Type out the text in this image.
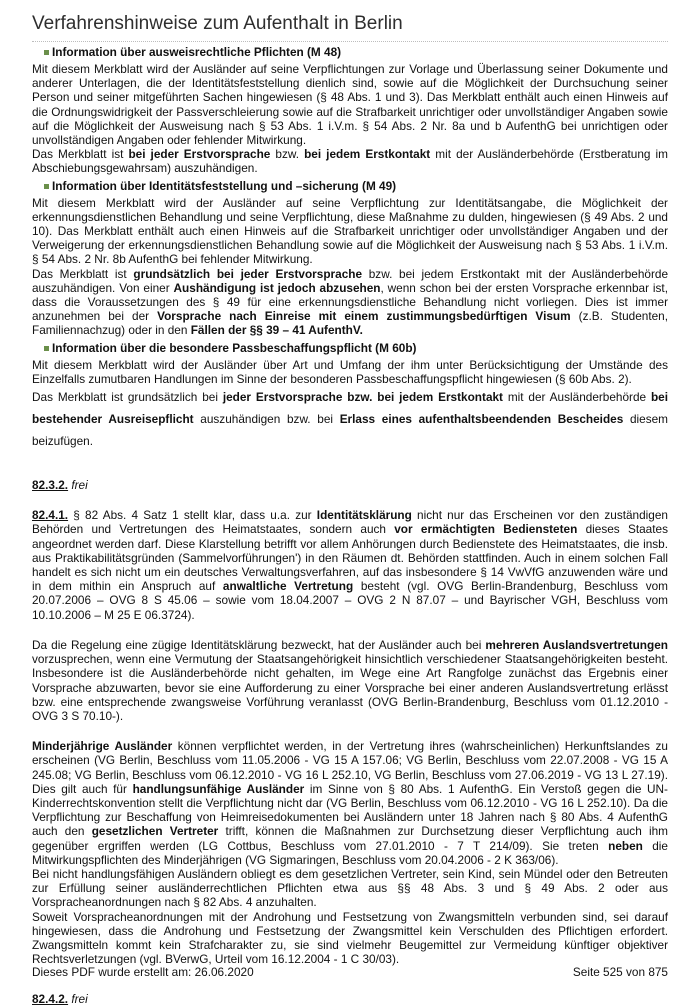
Verfahrenshinweise zum Aufenthalt in Berlin
Information über ausweisrechtliche Pflichten (M 48)

Mit diesem Merkblatt wird der Ausländer auf seine Verpflichtungen zur Vorlage und Überlassung seiner Dokumente und anderer Unterlagen, die der Identitätsfeststellung dienlich sind, sowie auf die Möglichkeit der Durchsuchung seiner Person und seiner mitgeführten Sachen hingewiesen (§ 48 Abs. 1 und 3). Das Merkblatt enthält auch einen Hinweis auf die Ordnungswidrigkeit der Passverschleierung sowie auf die Strafbarkeit unrichtiger oder unvollständiger Angaben sowie auf die Möglichkeit der Ausweisung nach § 53 Abs. 1 i.V.m. § 54 Abs. 2 Nr. 8a und b AufenthG bei unrichtigen oder unvollständigen Angaben oder fehlender Mitwirkung.

Das Merkblatt ist bei jeder Erstvorsprache bzw. bei jedem Erstkontakt mit der Ausländerbehörde (Erstberatung im Abschiebungsgewahrsam) auszuhändigen.

Information über Identitätsfeststellung und –sicherung (M 49)

Mit diesem Merkblatt wird der Ausländer auf seine Verpflichtung zur Identitätsangabe, die Möglichkeit der erkennungsdienstlichen Behandlung und seine Verpflichtung, diese Maßnahme zu dulden, hingewiesen (§ 49 Abs. 2 und 10). Das Merkblatt enthält auch einen Hinweis auf die Strafbarkeit unrichtiger oder unvollständiger Angaben und der Verweigerung der erkennungsdienstlichen Behandlung sowie auf die Möglichkeit der Ausweisung nach § 53 Abs. 1 i.V.m. § 54 Abs. 2 Nr. 8b AufenthG bei fehlender Mitwirkung.

Das Merkblatt ist grundsätzlich bei jeder Erstvorsprache bzw. bei jedem Erstkontakt mit der Ausländerbehörde auszuhändigen. Von einer Aushändigung ist jedoch abzusehen, wenn schon bei der ersten Vorsprache erkennbar ist, dass die Voraussetzungen des § 49 für eine erkennungsdienstliche Behandlung nicht vorliegen. Dies ist immer anzunehmen bei der Vorsprache nach Einreise mit einem zustimmungsbedürftigen Visum (z.B. Studenten, Familiennachzug) oder in den Fällen der §§ 39 – 41 AufenthV.

Information über die besondere Passbeschaffungspflicht (M 60b)

Mit diesem Merkblatt wird der Ausländer über Art und Umfang der ihm unter Berücksichtigung der Umstände des Einzelfalls zumutbaren Handlungen im Sinne der besonderen Passbeschaffungspflicht hingewiesen (§ 60b Abs. 2).

Das Merkblatt ist grundsätzlich bei jeder Erstvorsprache bzw. bei jedem Erstkontakt mit der Ausländerbehörde bei bestehender Ausreisepflicht auszuhändigen bzw. bei Erlass eines aufenthaltsbeendenden Bescheides diesem beizufügen.

82.3.2. frei

82.4.1. § 82 Abs. 4 Satz 1 stellt klar, dass u.a. zur Identitätsklärung nicht nur das Erscheinen vor den zuständigen Behörden und Vertretungen des Heimatstaates, sondern auch vor ermächtigten Bediensteten dieses Staates angeordnet werden darf. Diese Klarstellung betrifft vor allem Anhörungen durch Bedienstete des Heimatstaates, die insb. aus Praktikabilitätsgründen (Sammelvorführungen') in den Räumen dt. Behörden stattfinden. Auch in einem solchen Fall handelt es sich nicht um ein deutsches Verwaltungsverfahren, auf das insbesondere § 14 VwVfG anzuwenden wäre und in dem mithin ein Anspruch auf anwaltliche Vertretung besteht (vgl. OVG Berlin-Brandenburg, Beschluss vom 20.07.2006 – OVG 8 S 45.06 – sowie vom 18.04.2007 – OVG 2 N 87.07 – und Bayrischer VGH, Beschluss vom 10.10.2006 – M 25 E 06.3724).

Da die Regelung eine zügige Identitätsklärung bezweckt, hat der Ausländer auch bei mehreren Auslandsvertretungen vorzusprechen, wenn eine Vermutung der Staatsangehörigkeit hinsichtlich verschiedener Staatsangehörigkeiten besteht. Insbesondere ist die Ausländerbehörde nicht gehalten, im Wege eine Art Rangfolge zunächst das Ergebnis einer Vorsprache abzuwarten, bevor sie eine Aufforderung zu einer Vorsprache bei einer anderen Auslandsvertretung erlässt bzw. eine entsprechende zwangsweise Vorführung veranlasst (OVG Berlin-Brandenburg, Beschluss vom 01.12.2010 - OVG 3 S 70.10-).

Minderjährige Ausländer können verpflichtet werden, in der Vertretung ihres (wahrscheinlichen) Herkunftslandes zu erscheinen (VG Berlin, Beschluss vom 11.05.2006 - VG 15 A 157.06; VG Berlin, Beschluss vom 22.07.2008 - VG 15 A 245.08; VG Berlin, Beschluss vom 06.12.2010 - VG 16 L 252.10, VG Berlin, Beschluss vom 27.06.2019 - VG 13 L 27.19). Dies gilt auch für handlungsunfähige Ausländer im Sinne von § 80 Abs. 1 AufenthG. Ein Verstoß gegen die UN-Kinderrechtskonvention stellt die Verpflichtung nicht dar (VG Berlin, Beschluss vom 06.12.2010 - VG 16 L 252.10). Da die Verpflichtung zur Beschaffung von Heimreisedokumenten bei Ausländern unter 18 Jahren nach § 80 Abs. 4 AufenthG auch den gesetzlichen Vertreter trifft, können die Maßnahmen zur Durchsetzung dieser Verpflichtung auch ihm gegenüber ergriffen werden (LG Cottbus, Beschluss vom 27.01.2010 - 7 T 214/09). Sie treten neben die Mitwirkungspflichten des Minderjährigen (VG Sigmaringen, Beschluss vom 20.04.2006 - 2 K 363/06).

Bei nicht handlungsfähigen Ausländern obliegt es dem gesetzlichen Vertreter, sein Kind, sein Mündel oder den Betreuten zur Erfüllung seiner ausländerrechtlichen Pflichten etwa aus §§ 48 Abs. 3 und § 49 Abs. 2 oder aus Vorspracheanordnungen nach § 82 Abs. 4 anzuhalten.

Soweit Vorspracheanordnungen mit der Androhung und Festsetzung von Zwangsmitteln verbunden sind, sei darauf hingewiesen, dass die Androhung und Festsetzung der Zwangsmittel kein Verschulden des Pflichtigen erfordert. Zwangsmitteln kommt kein Strafcharakter zu, sie sind vielmehr Beugemittel zur Vermeidung künftiger objektiver Rechtsverletzungen (vgl. BVerwG, Urteil vom 16.12.2004 - 1 C 30/03).

82.4.2. frei

Dieses PDF wurde erstellt am: 26.06.2020	Seite 525 von 875
